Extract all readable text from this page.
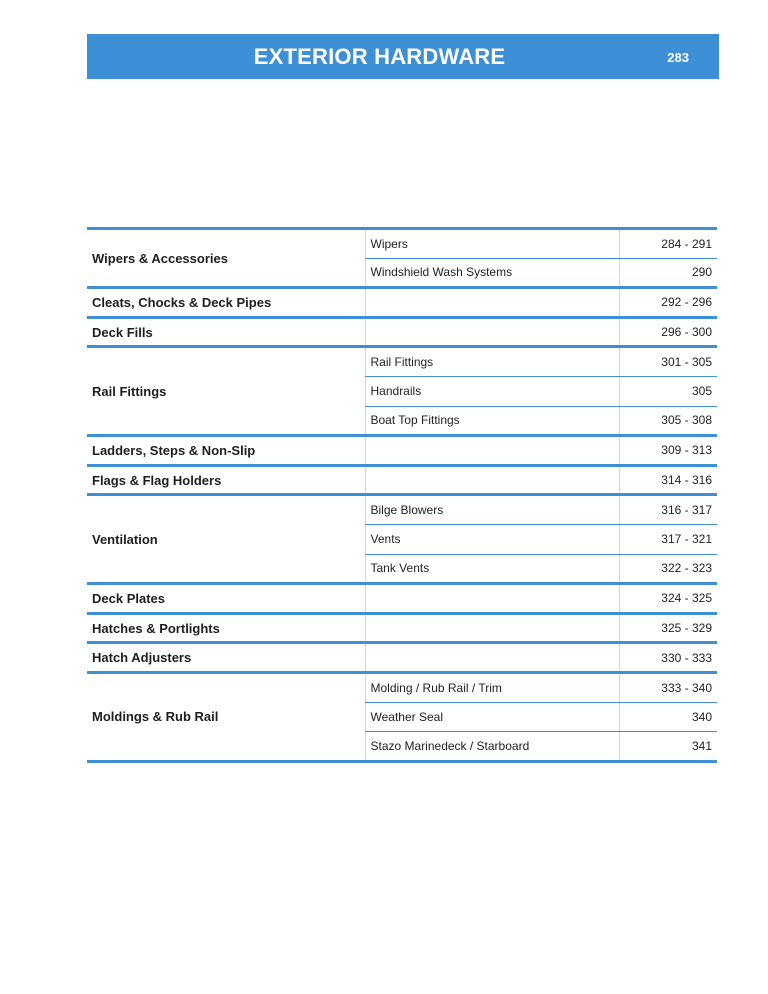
EXTERIOR HARDWARE	283
Wipers & Accessories	Wipers	284 - 291
	Windshield Wash Systems	290
Cleats, Chocks & Deck Pipes		292 - 296
Deck Fills		296 - 300
Rail Fittings	Rail Fittings	301 - 305
	Handrails	305
	Boat Top Fittings	305 - 308
Ladders, Steps & Non-Slip		309 - 313
Flags & Flag Holders		314 - 316
Ventilation	Bilge Blowers	316 - 317
	Vents	317 - 321
	Tank Vents	322 - 323
Deck Plates		324 - 325
Hatches & Portlights		325 - 329
Hatch Adjusters		330 - 333
Moldings & Rub Rail	Molding / Rub Rail / Trim	333 - 340
	Weather Seal	340
	Stazo Marinedeck / Starboard	341
